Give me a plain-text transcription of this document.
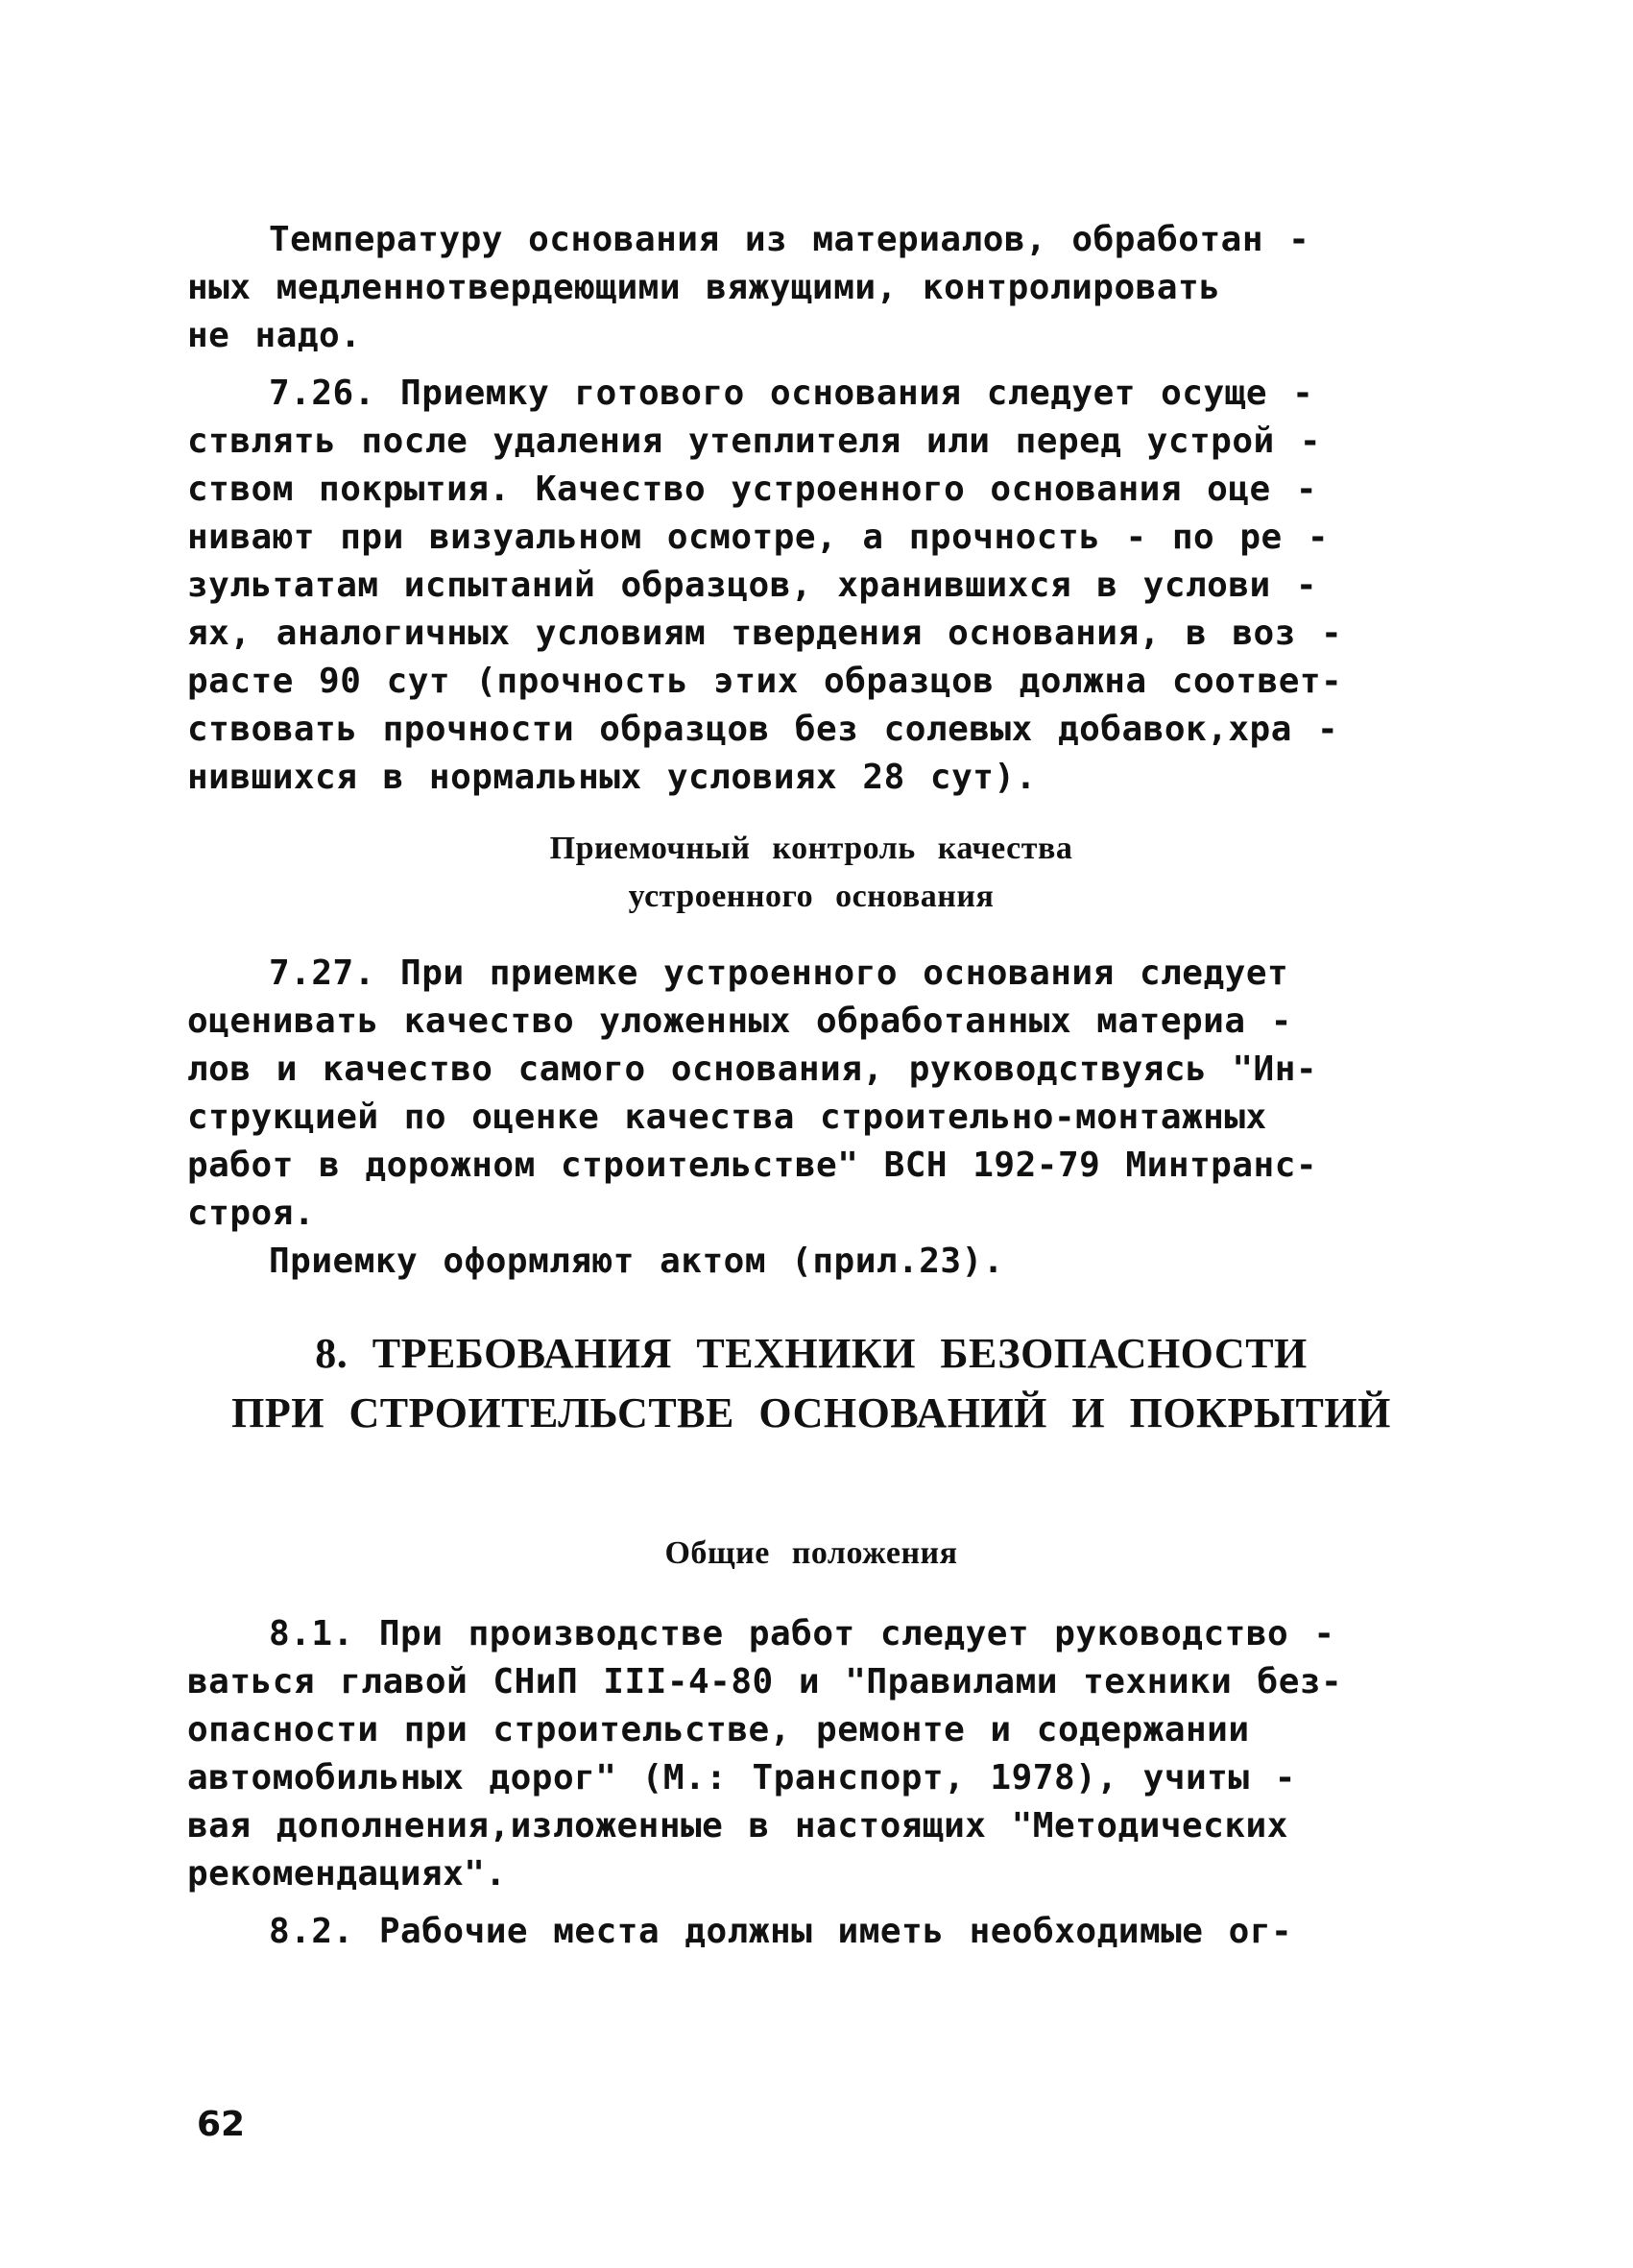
Температуру основания из материалов, обработан -
ных медленнотвердеющими вяжущими, контролировать
не надо.

7.26. Приемку готового основания следует осуще -
ствлять после удаления утеплителя или перед устрой -
ством покрытия. Качество устроенного основания оце -
нивают при визуальном осмотре, а прочность - по ре -
зультатам испытаний образцов, хранившихся в услови -
ях, аналогичных условиям твердения основания, в воз -
расте 90 сут (прочность этих образцов должна соответ-
ствовать прочности образцов без солевых добавок,хра -
нившихся в нормальных условиях 28 сут).

Приемочный контроль качества
устроенного основания

7.27. При приемке устроенного основания следует
оценивать качество уложенных обработанных материа -
лов и качество самого основания, руководствуясь "Ин-
струкцией по оценке качества строительно-монтажных
работ в дорожном строительстве" ВСН 192-79 Минтранс-
строя.

Приемку оформляют актом (прил.23).

8. ТРЕБОВАНИЯ ТЕХНИКИ БЕЗОПАСНОСТИ
ПРИ СТРОИТЕЛЬСТВЕ ОСНОВАНИЙ И ПОКРЫТИЙ
Общие положения

8.1. При производстве работ следует руководство -
ваться главой СНиП III-4-80 и "Правилами техники без-
опасности при строительстве, ремонте и содержании
автомобильных дорог" (М.: Транспорт, 1978), учиты -
вая дополнения,изложенные в настоящих "Методических
рекомендациях".

8.2. Рабочие места должны иметь необходимые ог-

62
